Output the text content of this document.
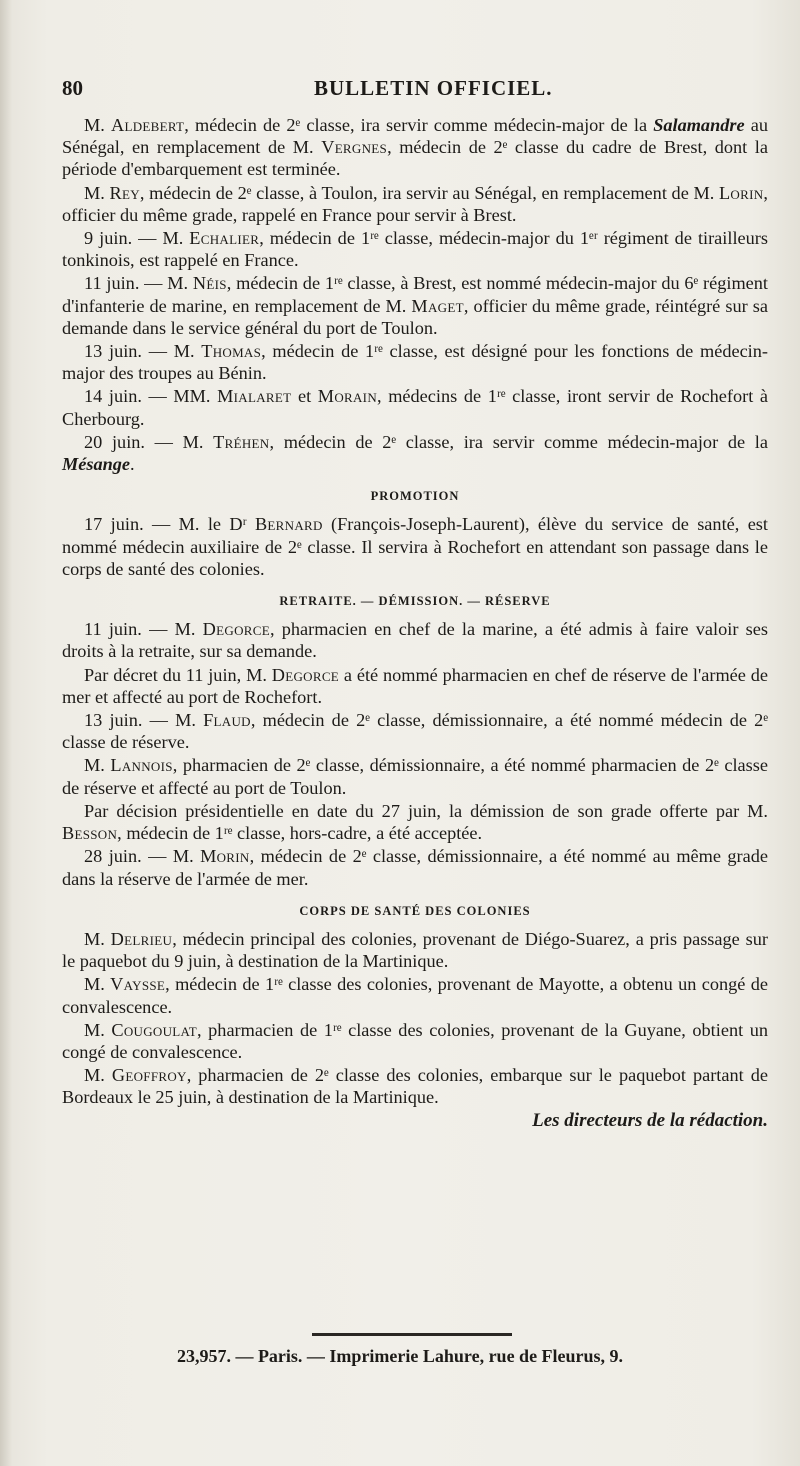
80	BULLETIN OFFICIEL.

M. Aldebert, médecin de 2ᵉ classe, ira servir comme médecin-major de la Salamandre au Sénégal, en remplacement de M. Vergnes, médecin de 2ᵉ classe du cadre de Brest, dont la période d'embarquement est terminée.

M. Rey, médecin de 2ᵉ classe, à Toulon, ira servir au Sénégal, en remplacement de M. Lorin, officier du même grade, rappelé en France pour servir à Brest.

9 juin. — M. Echalier, médecin de 1ʳᵉ classe, médecin-major du 1ᵉʳ régiment de tirailleurs tonkinois, est rappelé en France.

11 juin. — M. Néis, médecin de 1ʳᵉ classe, à Brest, est nommé médecin-major du 6ᵉ régiment d'infanterie de marine, en remplacement de M. Maget, officier du même grade, réintégré sur sa demande dans le service général du port de Toulon.

13 juin. — M. Thomas, médecin de 1ʳᵉ classe, est désigné pour les fonctions de médecin-major des troupes au Bénin.

14 juin. — MM. Mialaret et Morain, médecins de 1ʳᵉ classe, iront servir de Rochefort à Cherbourg.

20 juin. — M. Tréhen, médecin de 2ᵉ classe, ira servir comme médecin-major de la Mésange.

PROMOTION

17 juin. — M. le Dʳ Bernard (François-Joseph-Laurent), élève du service de santé, est nommé médecin auxiliaire de 2ᵉ classe. Il servira à Rochefort en attendant son passage dans le corps de santé des colonies.

RETRAITE. — DÉMISSION. — RÉSERVE

11 juin. — M. Degorce, pharmacien en chef de la marine, a été admis à faire valoir ses droits à la retraite, sur sa demande.

Par décret du 11 juin, M. Degorce a été nommé pharmacien en chef de réserve de l'armée de mer et affecté au port de Rochefort.

13 juin. — M. Flaud, médecin de 2ᵉ classe, démissionnaire, a été nommé médecin de 2ᵉ classe de réserve.

M. Lannois, pharmacien de 2ᵉ classe, démissionnaire, a été nommé pharmacien de 2ᵉ classe de réserve et affecté au port de Toulon.

Par décision présidentielle en date du 27 juin, la démission de son grade offerte par M. Besson, médecin de 1ʳᵉ classe, hors-cadre, a été acceptée.

28 juin. — M. Morin, médecin de 2ᵉ classe, démissionnaire, a été nommé au même grade dans la réserve de l'armée de mer.

CORPS DE SANTÉ DES COLONIES

M. Delrieu, médecin principal des colonies, provenant de Diégo-Suarez, a pris passage sur le paquebot du 9 juin, à destination de la Martinique.

M. Vaysse, médecin de 1ʳᵉ classe des colonies, provenant de Mayotte, a obtenu un congé de convalescence.

M. Cougoulat, pharmacien de 1ʳᵉ classe des colonies, provenant de la Guyane, obtient un congé de convalescence.

M. Geoffroy, pharmacien de 2ᵉ classe des colonies, embarque sur le paquebot partant de Bordeaux le 25 juin, à destination de la Martinique.

Les directeurs de la rédaction.

23,957. — Paris. — Imprimerie Lahure, rue de Fleurus, 9.
